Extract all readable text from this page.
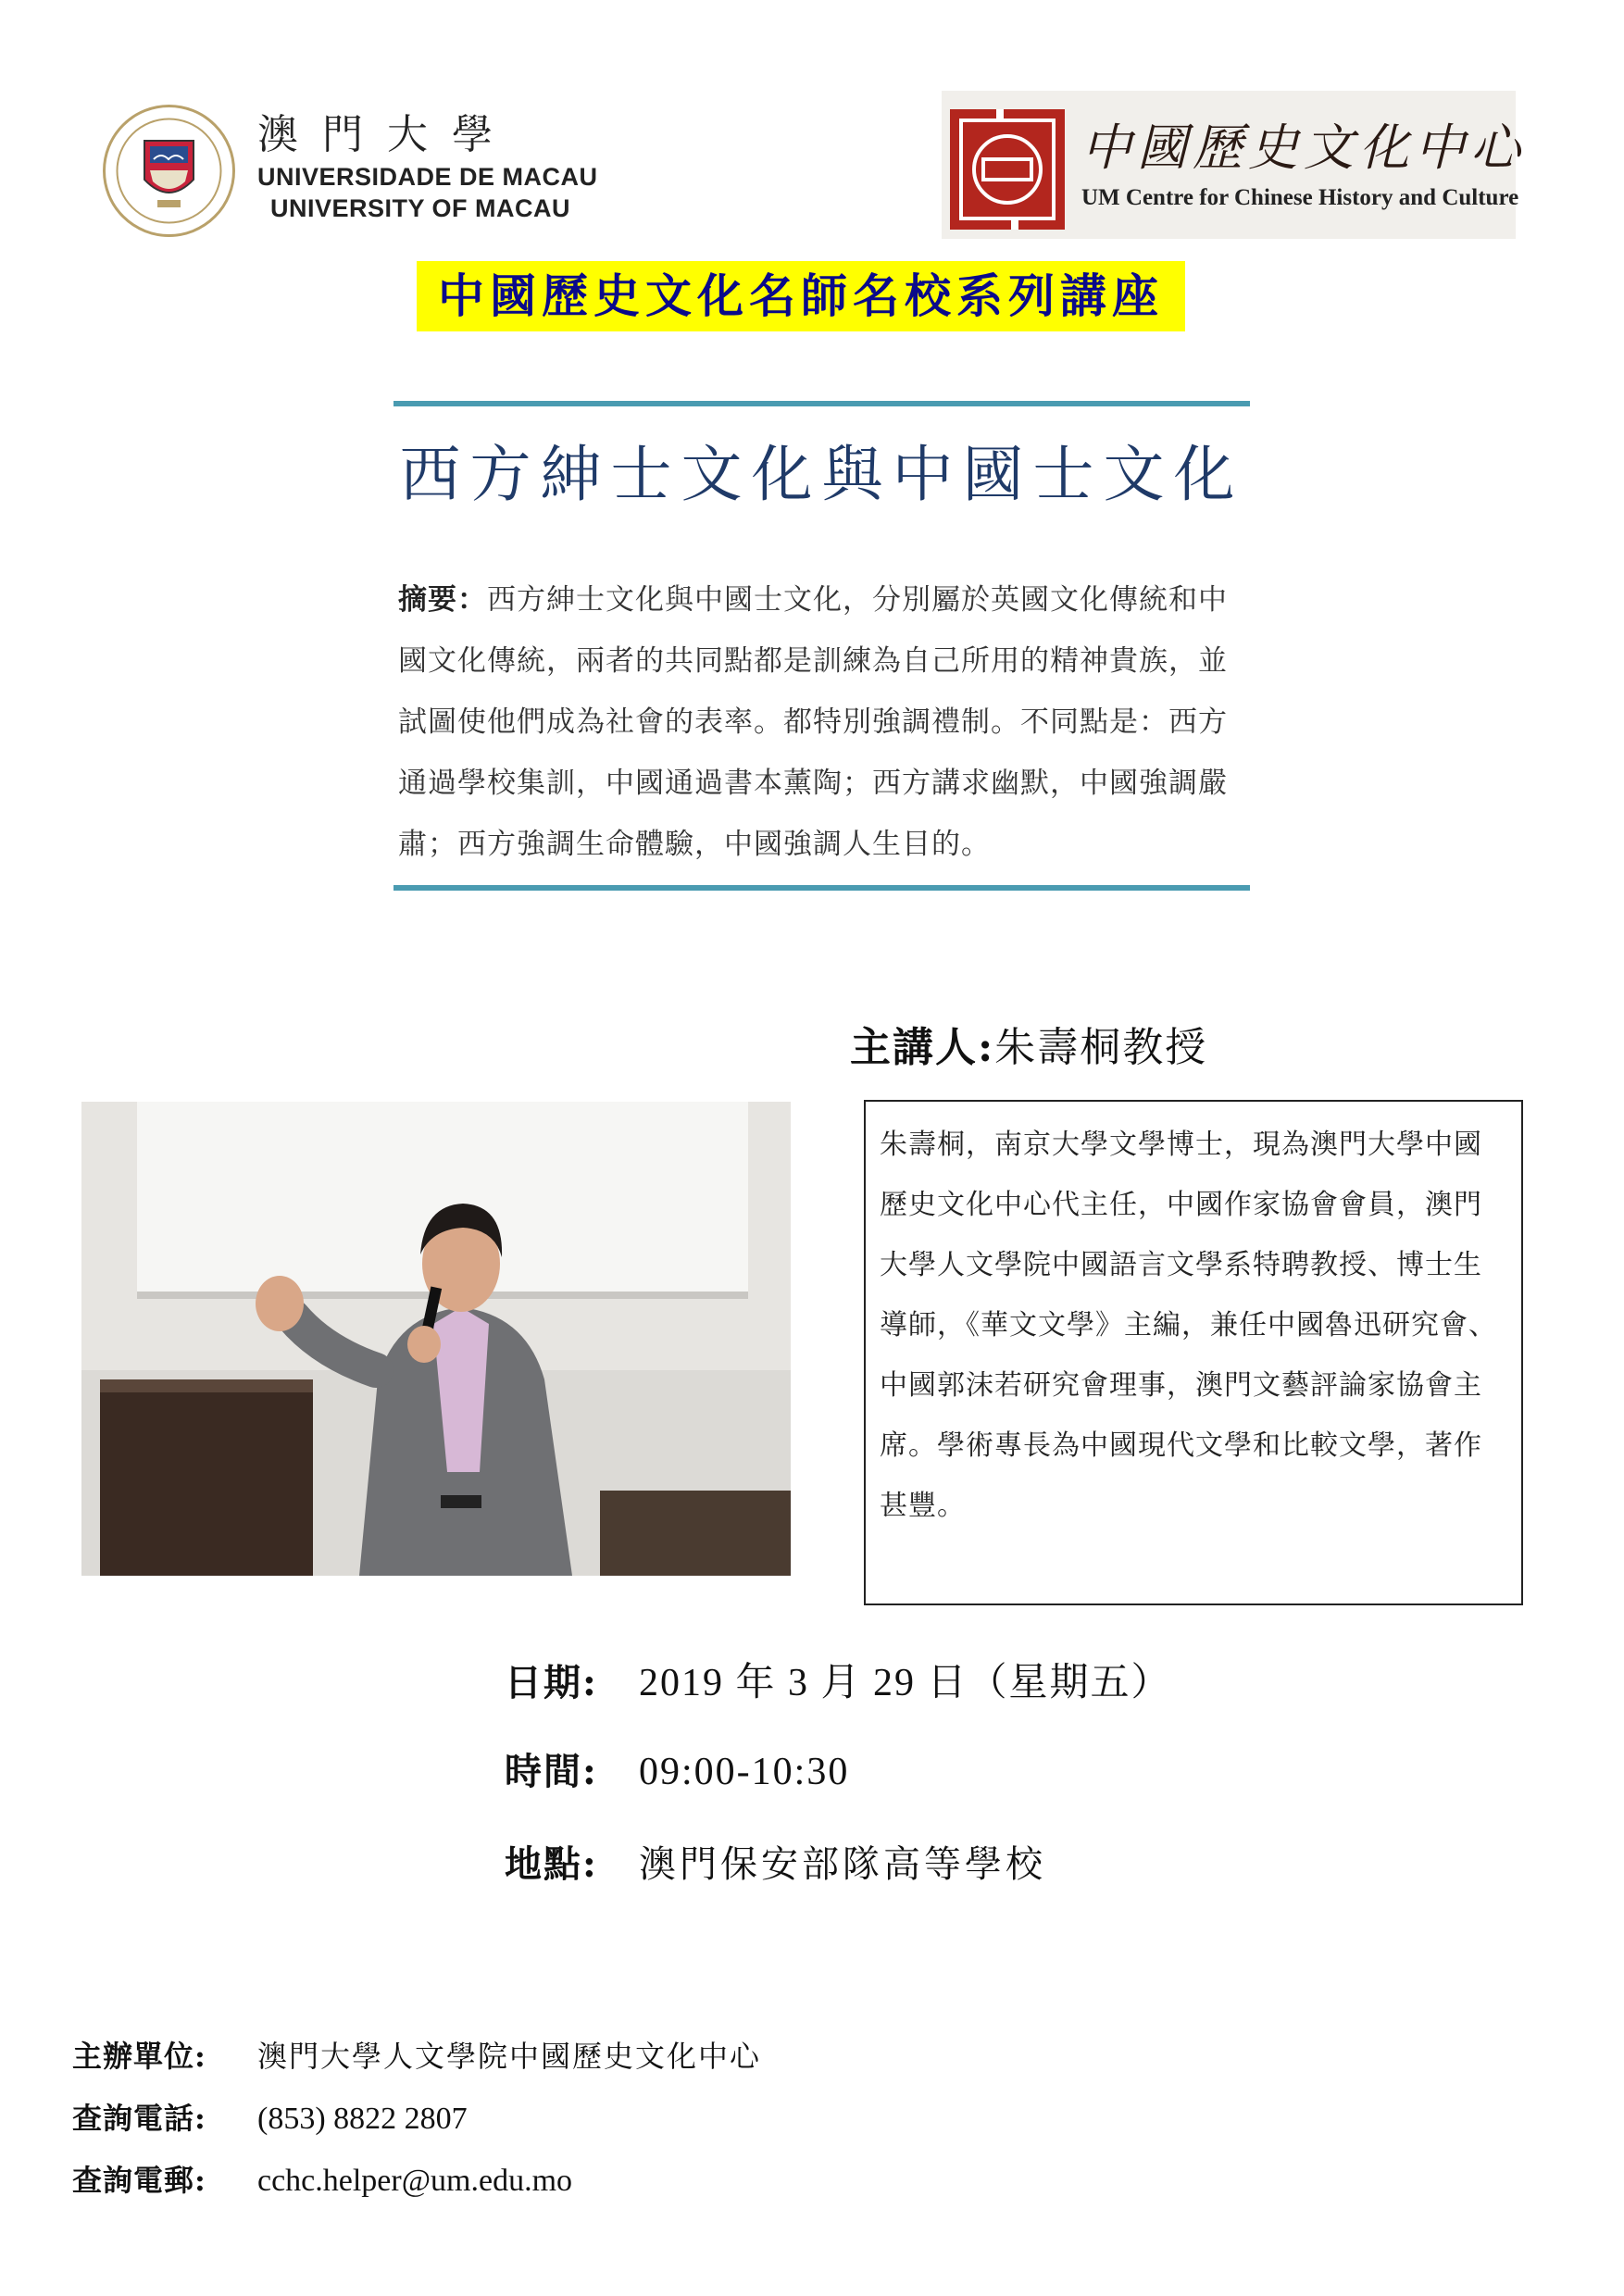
澳門大學
UNIVERSIDADE DE MACAU
UNIVERSITY OF MACAU
中國歷史文化中心
UM Centre for Chinese History and Culture
中國歷史文化名師名校系列講座
西方紳士文化與中國士文化
摘要：西方紳士文化與中國士文化，分別屬於英國文化傳統和中國文化傳統，兩者的共同點都是訓練為自己所用的精神貴族，並試圖使他們成為社會的表率。都特別強調禮制。不同點是：西方通過學校集訓，中國通過書本薰陶；西方講求幽默，中國強調嚴肅；西方強調生命體驗，中國強調人生目的。
主講人:朱壽桐教授
朱壽桐，南京大學文學博士，現為澳門大學中國歷史文化中心代主任，中國作家協會會員，澳門大學人文學院中國語言文學系特聘教授、博士生導師，《華文文學》主編，兼任中國魯迅研究會、中國郭沫若研究會理事，澳門文藝評論家協會主席。學術專長為中國現代文學和比較文學，著作甚豐。
日期: 2019 年 3 月 29 日（星期五）
時間: 09:00-10:30
地點: 澳門保安部隊高等學校
主辦單位: 澳門大學人文學院中國歷史文化中心
查詢電話: (853) 8822 2807
查詢電郵: cchc.helper@um.edu.mo
